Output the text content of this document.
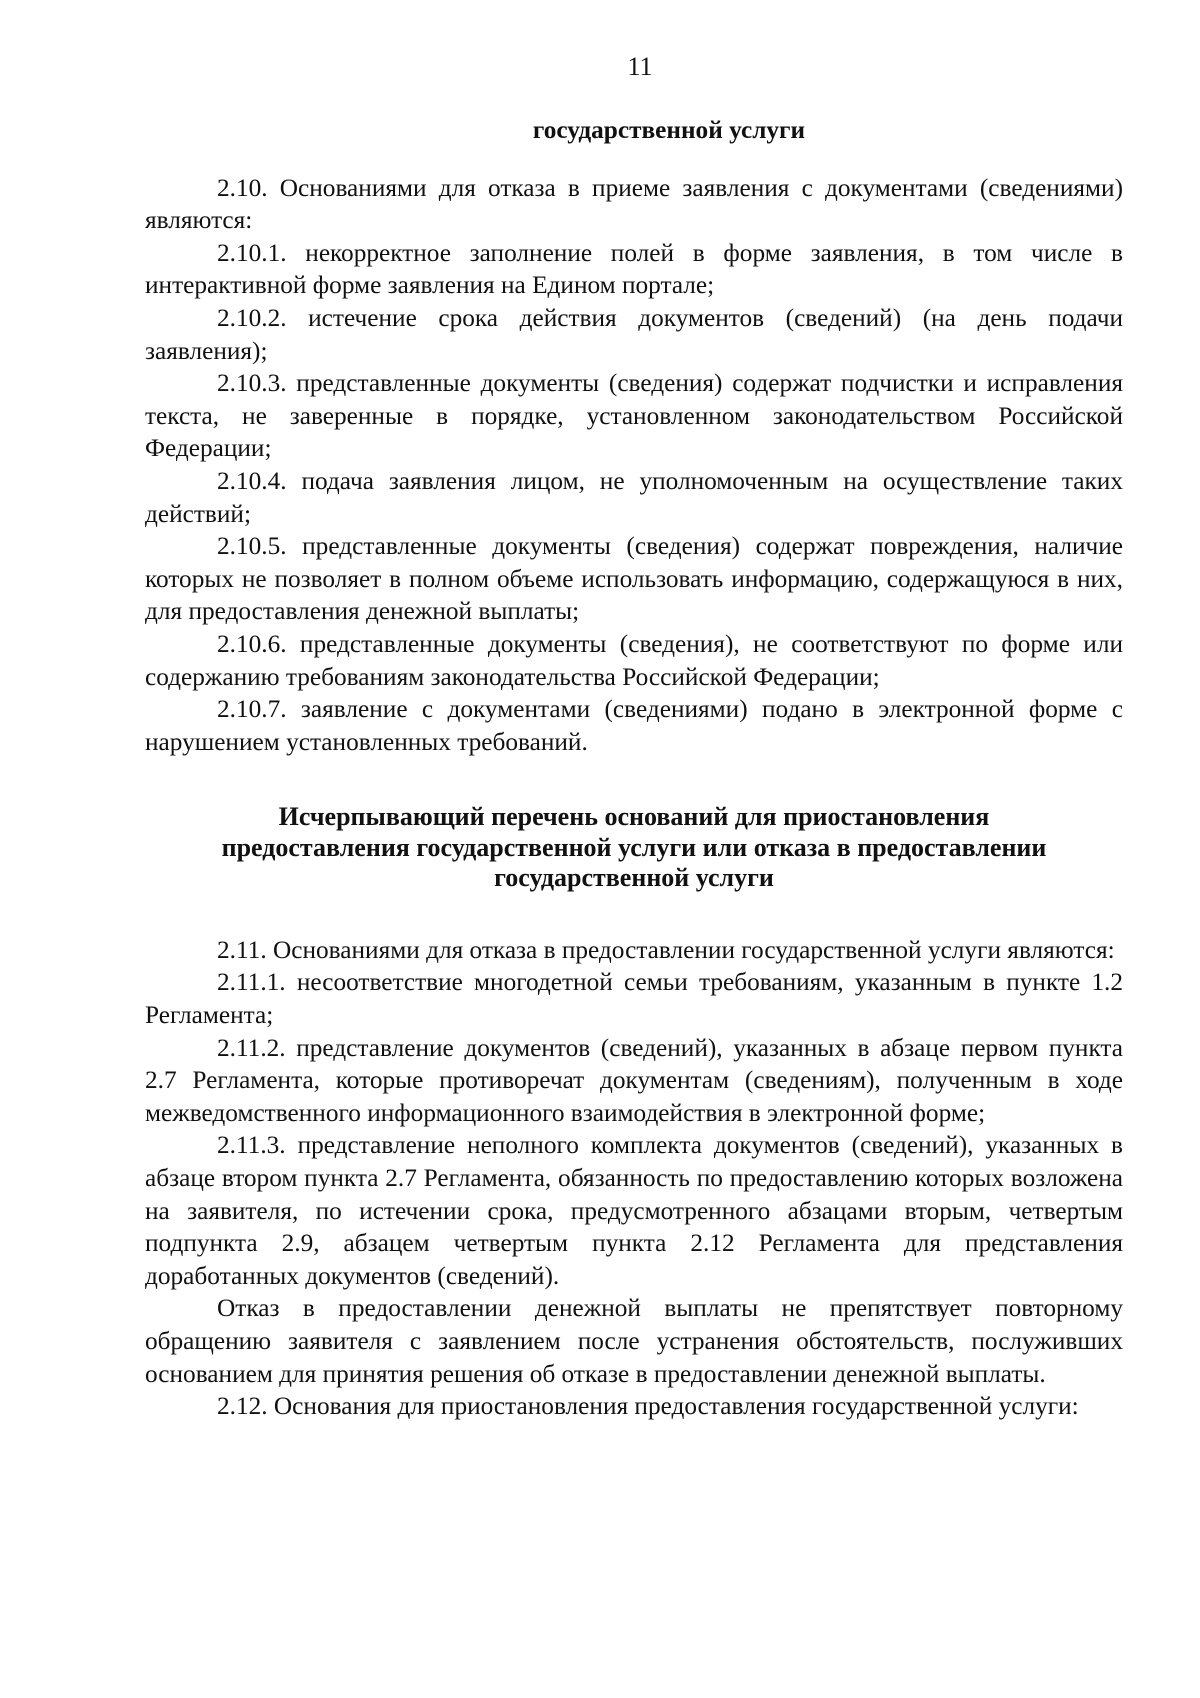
11
государственной услуги

2.10. Основаниями для отказа в приеме заявления с документами (сведениями) являются:

2.10.1. некорректное заполнение полей в форме заявления, в том числе в интерактивной форме заявления на Едином портале;

2.10.2. истечение срока действия документов (сведений) (на день подачи заявления);

2.10.3. представленные документы (сведения) содержат подчистки и исправления текста, не заверенные в порядке, установленном законодательством Российской Федерации;

2.10.4. подача заявления лицом, не уполномоченным на осуществление таких действий;

2.10.5. представленные документы (сведения) содержат повреждения, наличие которых не позволяет в полном объеме использовать информацию, содержащуюся в них, для предоставления денежной выплаты;

2.10.6. представленные документы (сведения), не соответствуют по форме или содержанию требованиям законодательства Российской Федерации;

2.10.7. заявление с документами (сведениями) подано в электронной форме с нарушением установленных требований.

Исчерпывающий перечень оснований для приостановления
предоставления государственной услуги или отказа в предоставлении
государственной услуги

2.11. Основаниями для отказа в предоставлении государственной услуги являются:

2.11.1. несоответствие многодетной семьи требованиям, указанным в пункте 1.2 Регламента;

2.11.2. представление документов (сведений), указанных в абзаце первом пункта 2.7 Регламента, которые противоречат документам (сведениям), полученным в ходе межведомственного информационного взаимодействия в электронной форме;

2.11.3. представление неполного комплекта документов (сведений), указанных в абзаце втором пункта 2.7 Регламента, обязанность по предоставлению которых возложена на заявителя, по истечении срока, предусмотренного абзацами вторым, четвертым подпункта 2.9, абзацем четвертым пункта 2.12 Регламента для представления доработанных документов (сведений).

Отказ в предоставлении денежной выплаты не препятствует повторному обращению заявителя с заявлением после устранения обстоятельств, послуживших основанием для принятия решения об отказе в предоставлении денежной выплаты.

2.12. Основания для приостановления предоставления государственной услуги:
